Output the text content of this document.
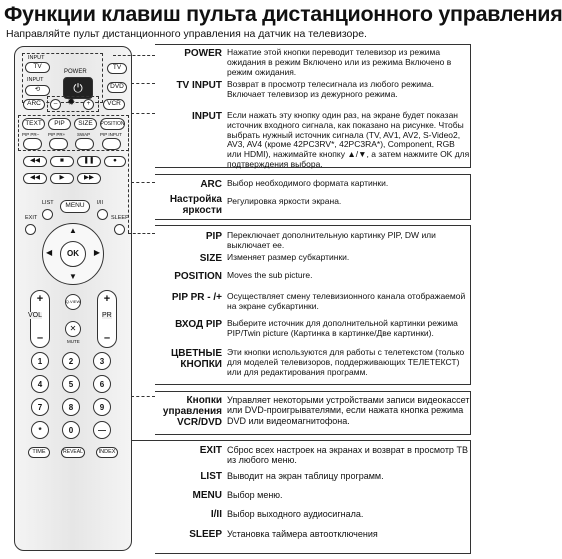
Функции клавиш пульта дистанционного управления
Направляйте пульт дистанционного управления на датчик на телевизоре.
INPUT
TV
INPUT
⟲
POWER
⏻
TV
DVD
ARC – ✹ +	VCR
TEXT PIP SIZE POSITION
PIP PR– PIP PR+	SWAP PIP INPUT
◀◀	■	❚❚	●
◀◀	▶	▶▶
LIST
EXIT
MENU I/II
SLEEP
▲
▼
◀	▶
OK
+
–
VOL
+
–
PR
Q.VIEW
✕
MUTE
1	2	3
4	5	6
7	8	9
*	0	—
TIME	REVEAL	INDEX
POWER Нажатие этой кнопки переводит телевизор из режима ожидания в режим Включено или из режима Включено в режим ожидания.
TV INPUT Возврат в просмотр телесигнала из любого режима. Включает телевизор из дежурного режима.
INPUT Если нажать эту кнопку один раз, на экране будет показан источник входного сигнала, как показано на рисунке. Чтобы выбрать нужный источник сигнала (TV, AV1, AV2, S-Video2, AV3, AV4 (кроме 42PC3RV*, 42PC3RA*), Component, RGB или HDMI), нажимайте кнопку ▲/▼, а затем нажмите OK для подтверждения выбора.
ARC Выбор необходимого формата картинки.
Настройка яркости
Регулировка яркости экрана.
PIP Переключает дополнительную картинку PIP, DW или выключает ее.
SIZE Изменяет размер субкартинки.
POSITION Moves the sub picture.
PIP PR - /+ Осуществляет смену телевизионного канала отображаемой на экране субкартинки.
ВХОД PIP Выберите источник для дополнительной картинки режима PIP/Twin picture (Картинка в картинке/Две картинки).
ЦВЕТНЫЕ КНОПКИ
Эти кнопки используются для работы с телетекстом (только для моделей телевизоров, поддерживающих ТЕЛЕТЕКСТ) или для редактирования программ.
Кнопки управления VCR/DVD
Управляет некоторыми устройствами записи видеокассет или DVD-проигрывателями, если нажата кнопка режима DVD или видеомагнитофона.
EXIT Сброс всех настроек на экранах и возврат в просмотр ТВ из любого меню.
LIST Выводит на экран таблицу программ.
MENU Выбор меню.
I/II Выбор выходного аудиосигнала.
SLEEP Установка таймера автоотключения
